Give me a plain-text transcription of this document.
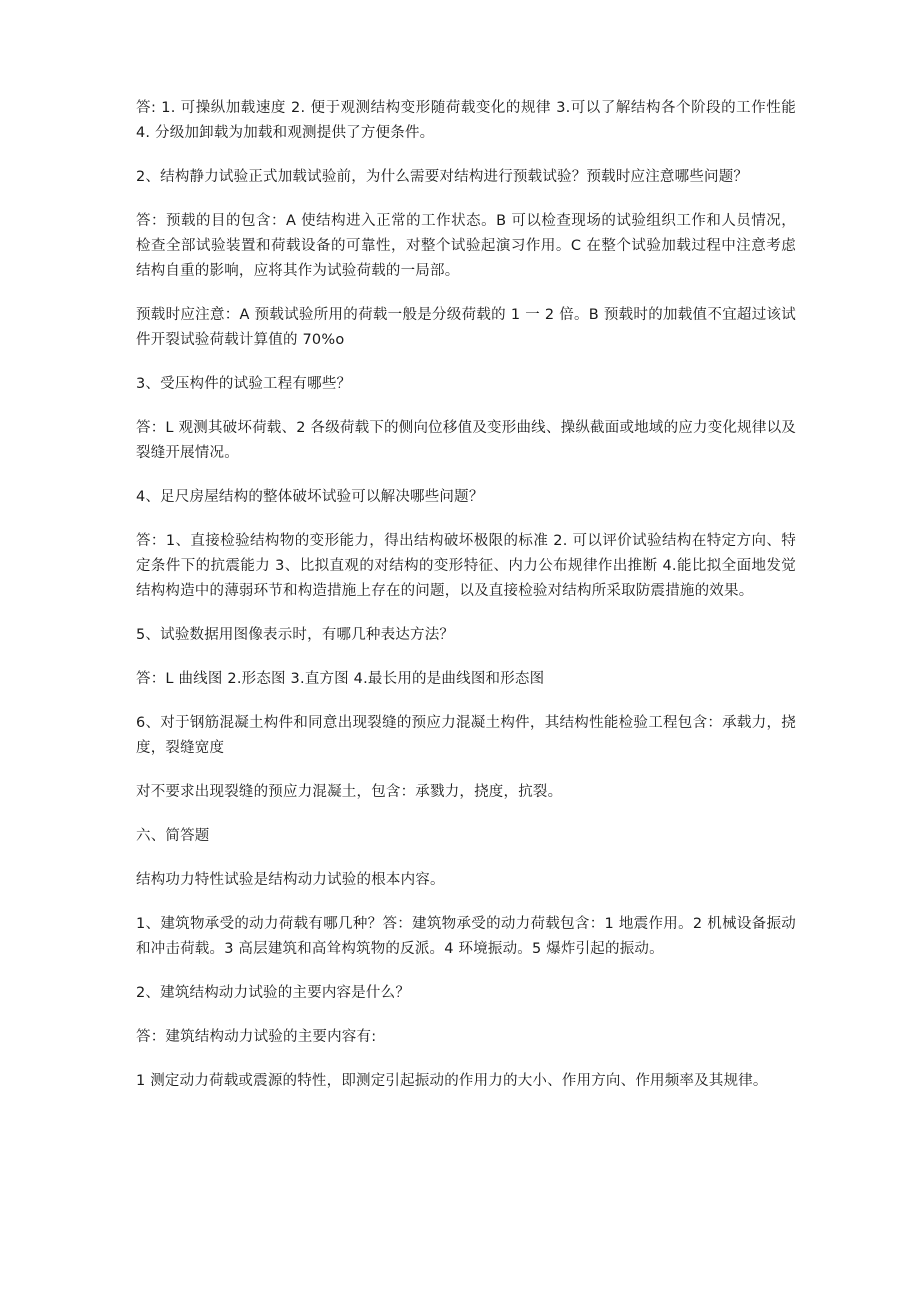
答: 1. 可操纵加载速度 2. 便于观测结构变形随荷载变化的规律 3.可以了解结构各个阶段的工作性能 4. 分级加卸载为加载和观测提供了方便条件。

2、结构静力试验正式加载试验前，为什么需要对结构进行预载试验？预载时应注意哪些问题？

答：预载的目的包含：A 使结构进入正常的工作状态。B 可以检查现场的试验组织工作和人员情况，检查全部试验装置和荷载设备的可靠性，对整个试验起演习作用。C 在整个试验加载过程中注意考虑结构自重的影响，应将其作为试验荷载的一局部。

预载时应注意：A 预载试验所用的荷载一般是分级荷载的 1 一 2 倍。B 预载时的加载值不宜超过该试件开裂试验荷载计算值的 70%o

3、受压构件的试验工程有哪些？

答：L 观测其破坏荷载、2 各级荷载下的侧向位移值及变形曲线、操纵截面或地域的应力变化规律以及裂缝开展情况。

4、足尺房屋结构的整体破坏试验可以解决哪些问题？

答：1、直接检验结构物的变形能力，得出结构破坏极限的标准 2. 可以评价试验结构在特定方向、特定条件下的抗震能力 3、比拟直观的对结构的变形特征、内力公布规律作出推断 4.能比拟全面地发觉结构构造中的薄弱环节和构造措施上存在的问题，以及直接检验对结构所采取防震措施的效果。

5、试验数据用图像表示时，有哪几种表达方法？

答：L 曲线图 2.形态图 3.直方图 4.最长用的是曲线图和形态图

6、对于钢筋混凝土构件和同意出现裂缝的预应力混凝土构件，其结构性能检验工程包含：承载力，挠度，裂缝宽度

对不要求出现裂缝的预应力混凝土，包含：承戮力，挠度，抗裂。

六、简答题

结构功力特性试验是结构动力试验的根本内容。

1、建筑物承受的动力荷载有哪几种？答：建筑物承受的动力荷载包含：1 地震作用。2 机械设备振动和冲击荷载。3 高层建筑和高耸构筑物的反派。4 环境振动。5 爆炸引起的振动。

2、建筑结构动力试验的主要内容是什么？

答：建筑结构动力试验的主要内容有:

1 测定动力荷载或震源的特性，即测定引起振动的作用力的大小、作用方向、作用频率及其规律。
